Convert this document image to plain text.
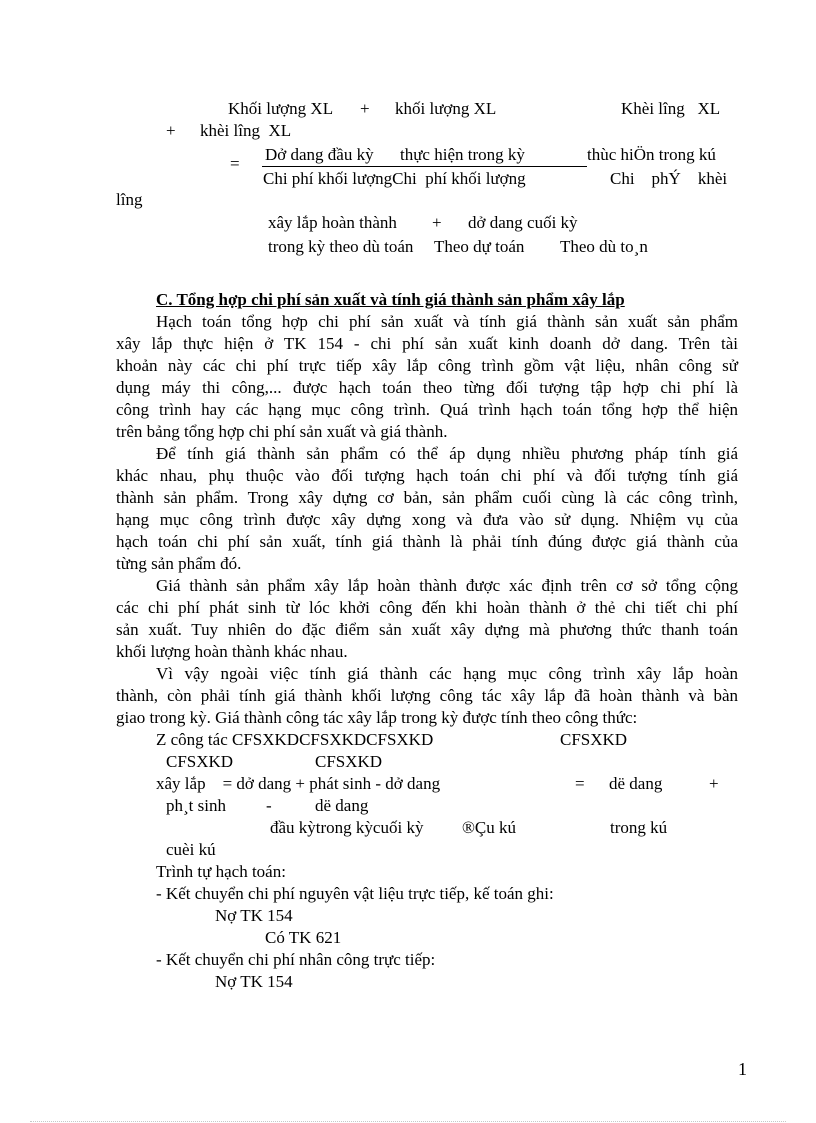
Khối lượng XL + khối lượng XL	Khèi lîng   XL
+ khèi lîng  XL
= Dở dang đầu kỳ thực hiện trong kỳ	thùc hiÖn trong kú
Chi phí khối lượngChi  phí khối lượng	Chi    phÝ    khèi
lîng
xây lắp hoàn thành + dở dang cuối kỳ
trong kỳ theo dù toán Theo dự toán Theo dù to¸n
C. Tổng hợp chi phí sản xuất và tính giá thành sản phẩm xây lắp
Hạch toán tổng hợp chi phí sản xuất và tính giá thành sản xuất sản phẩm
xây lắp thực hiện ở TK 154 - chi phí sản xuất kinh doanh dở dang. Trên tài
khoản này các chi phí trực tiếp xây lắp công trình gồm vật liệu, nhân công sử
dụng máy thi công,... được hạch toán theo từng đối tượng tập hợp chi phí là
công trình hay các hạng mục công trình. Quá trình hạch toán tổng hợp thể hiện
trên bảng tổng hợp chi phí sản xuất và giá thành.
Để tính giá thành sản phẩm có thể áp dụng nhiều phương pháp tính giá
khác nhau, phụ thuộc vào đối tượng hạch toán chi phí và đối tượng tính giá
thành sản phẩm. Trong xây dựng cơ bản, sản phẩm cuối cùng là các công trình,
hạng mục công trình được xây dựng xong và đưa vào sử dụng. Nhiệm vụ của
hạch toán chi phí sản xuất, tính giá thành là phải tính đúng được giá thành của
từng sản phẩm đó.
Giá thành sản phẩm xây lắp hoàn thành được xác định trên cơ sở tổng cộng
các chi phí phát sinh từ lóc khởi công đến khi hoàn thành ở thẻ chi tiết chi phí
sản xuất. Tuy nhiên do đặc điểm sản xuất xây dựng mà phương thức thanh toán
khối lượng hoàn thành khác nhau.
Vì vậy ngoài việc tính giá thành các hạng mục công trình xây lắp hoàn
thành, còn phải tính giá thành khối lượng công tác xây lắp đã hoàn thành và bàn
giao trong kỳ. Giá thành công tác xây lắp trong kỳ được tính theo công thức:
Z công tác CFSXKDCFSXKDCFSXKD	CFSXKD
CFSXKD	CFSXKD
xây lắp    = dở dang + phát sinh - dở dang	= dë dang	+
ph¸t sinh -	dë dang
đầu kỳtrong kỳcuối kỳ ®Çu kú	trong kú
cuèi kú
Trình tự hạch toán:
- Kết chuyển chi phí nguyên vật liệu trực tiếp, kế toán ghi:
Nợ TK 154
Có TK 621
- Kết chuyển chi phí nhân công trực tiếp:
Nợ TK 154
1
